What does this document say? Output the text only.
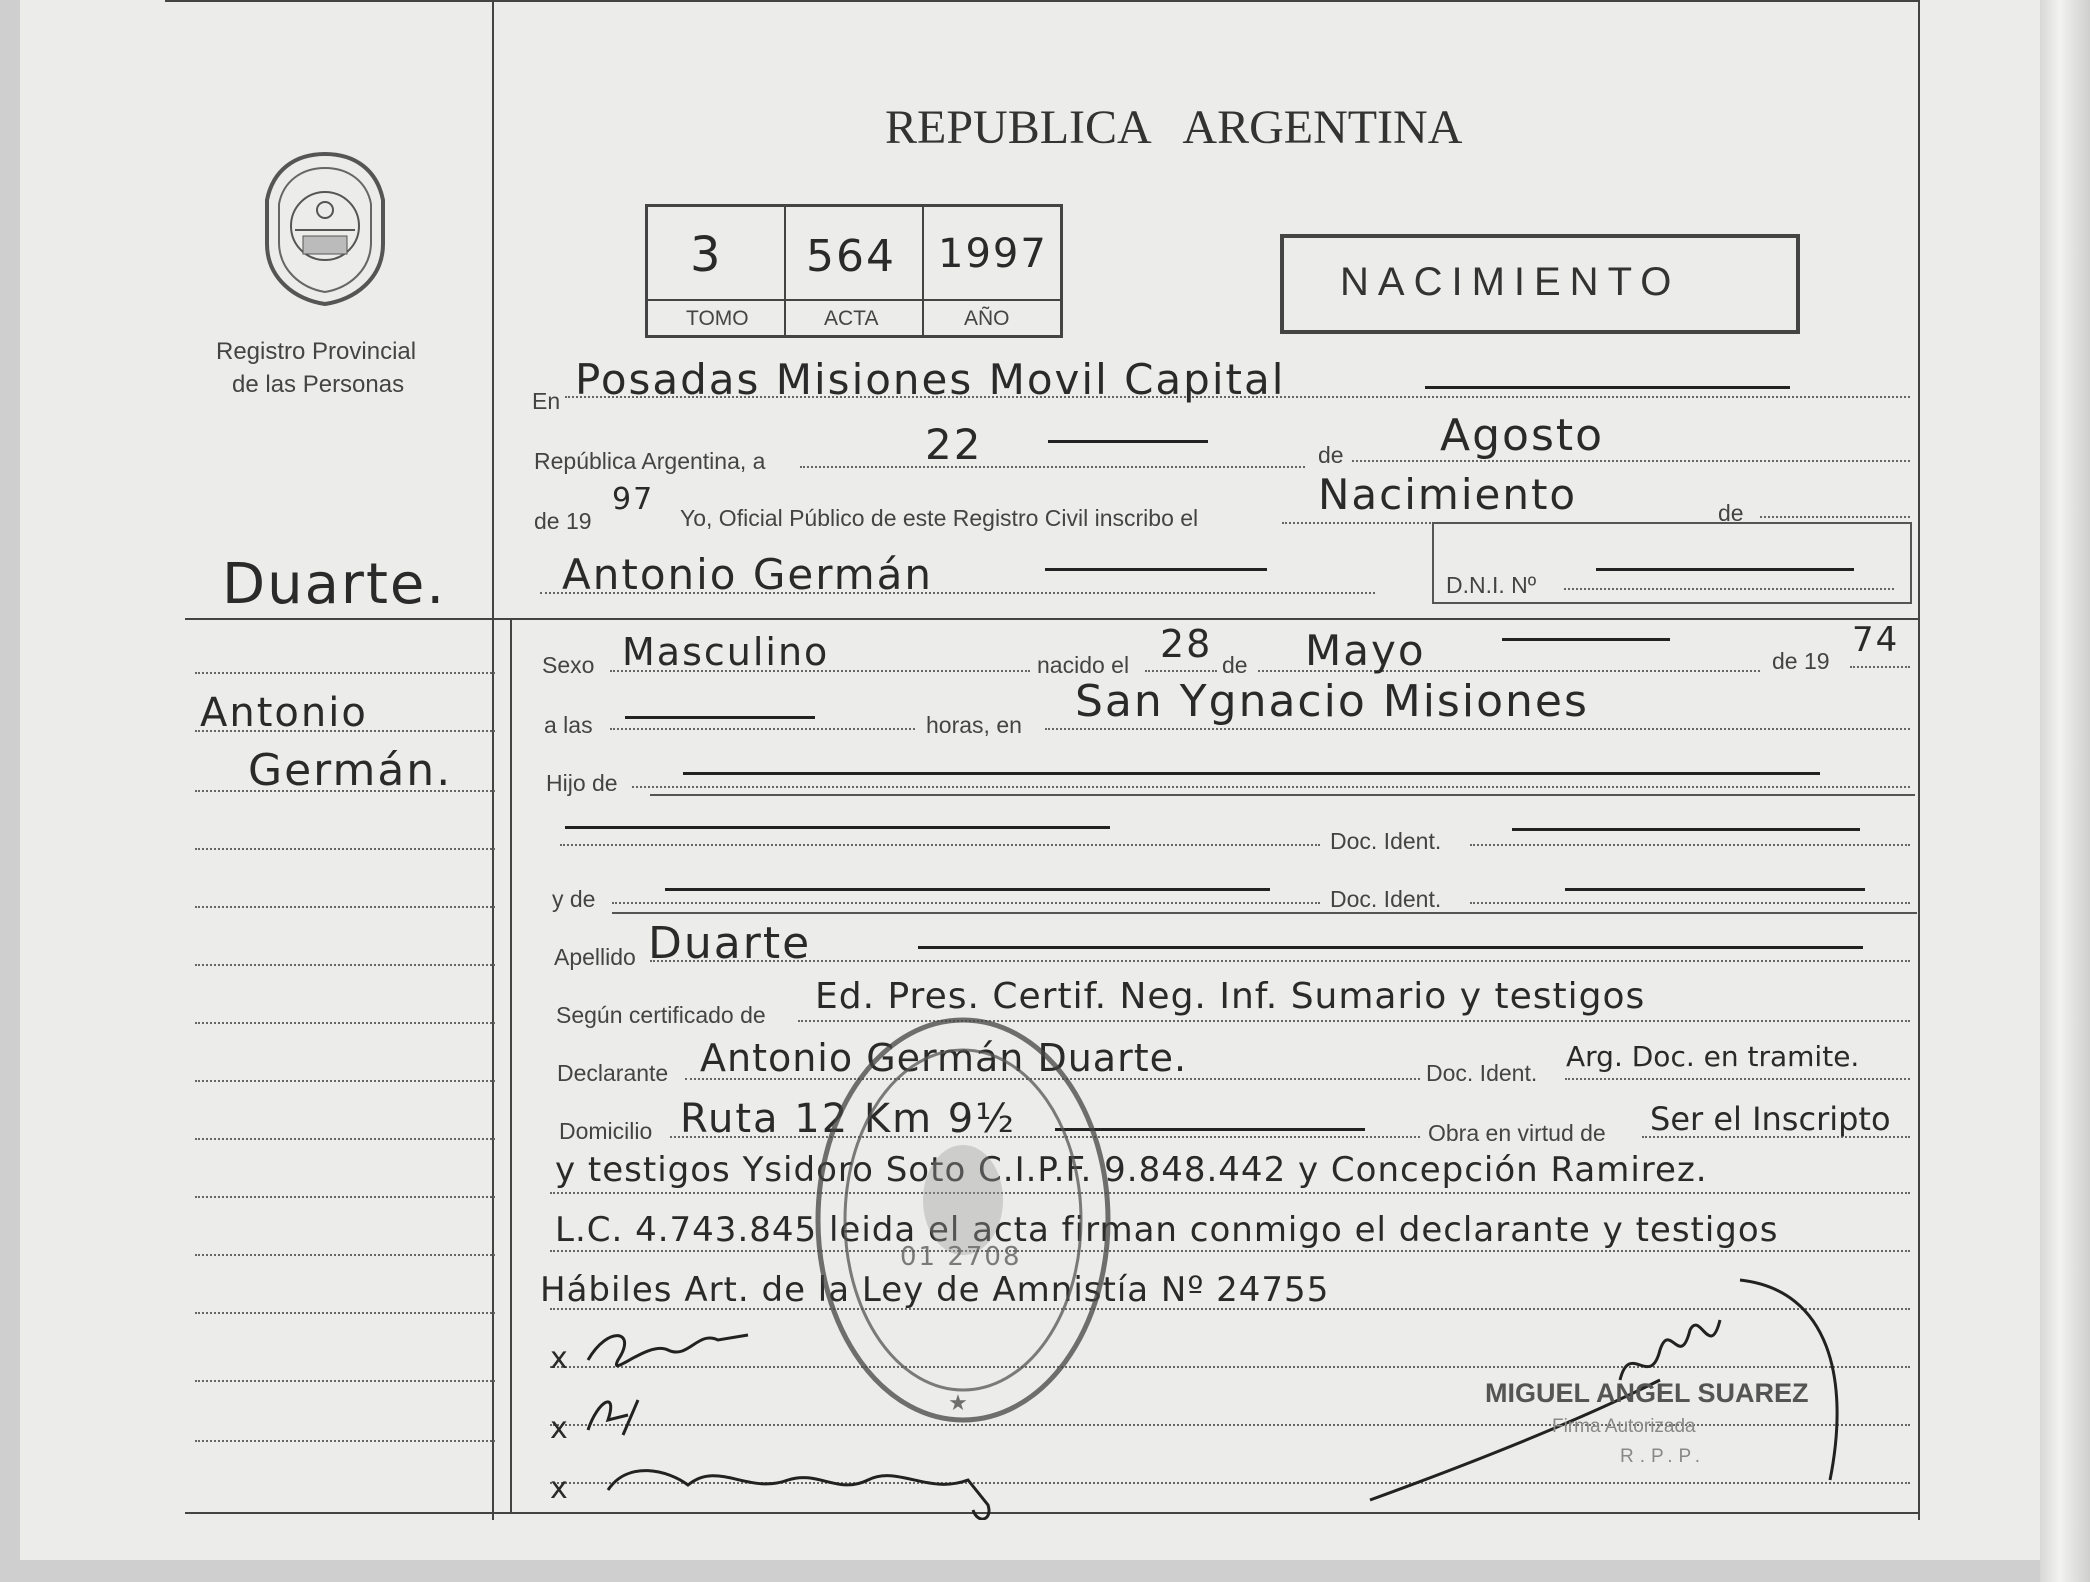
Registro Provincial
de las Personas
Duarte.
Antonio
Germán.
REPUBLICA   ARGENTINA
3 564 1997
TOMO	ACTA	AÑO
NACIMIENTO
En Posadas Misiones Movil Capital
República Argentina, a	22	de Agosto
de 19
97
Yo, Oficial Público de este Registro Civil inscribo el	Nacimiento	de
Antonio Germán	D.N.I. Nº
Sexo Masculino	nacido el 28 de Mayo	de 19
74
a las	horas, en San Ygnacio Misiones
Hijo de
Doc. Ident.
y de	Doc. Ident.
Apellido Duarte
Según certificado de Ed. Pres. Certif. Neg. Inf. Sumario y testigos
Declarante Antonio Germán Duarte.	Doc. Ident. Arg. Doc. en tramite.
Domicilio Ruta 12 Km 9½	Obra en virtud de Ser el Inscripto
y testigos Ysidoro Soto C.I.P.F. 9.848.442 y Concepción Ramirez.
L.C. 4.743.845 leida el acta firman conmigo el declarante y testigos
Hábiles Art. de la Ley de Amnistía Nº 24755
x
x
x
★
01 2708
MIGUEL ANGEL SUAREZ
Firma Autorizada
R.P.P.
